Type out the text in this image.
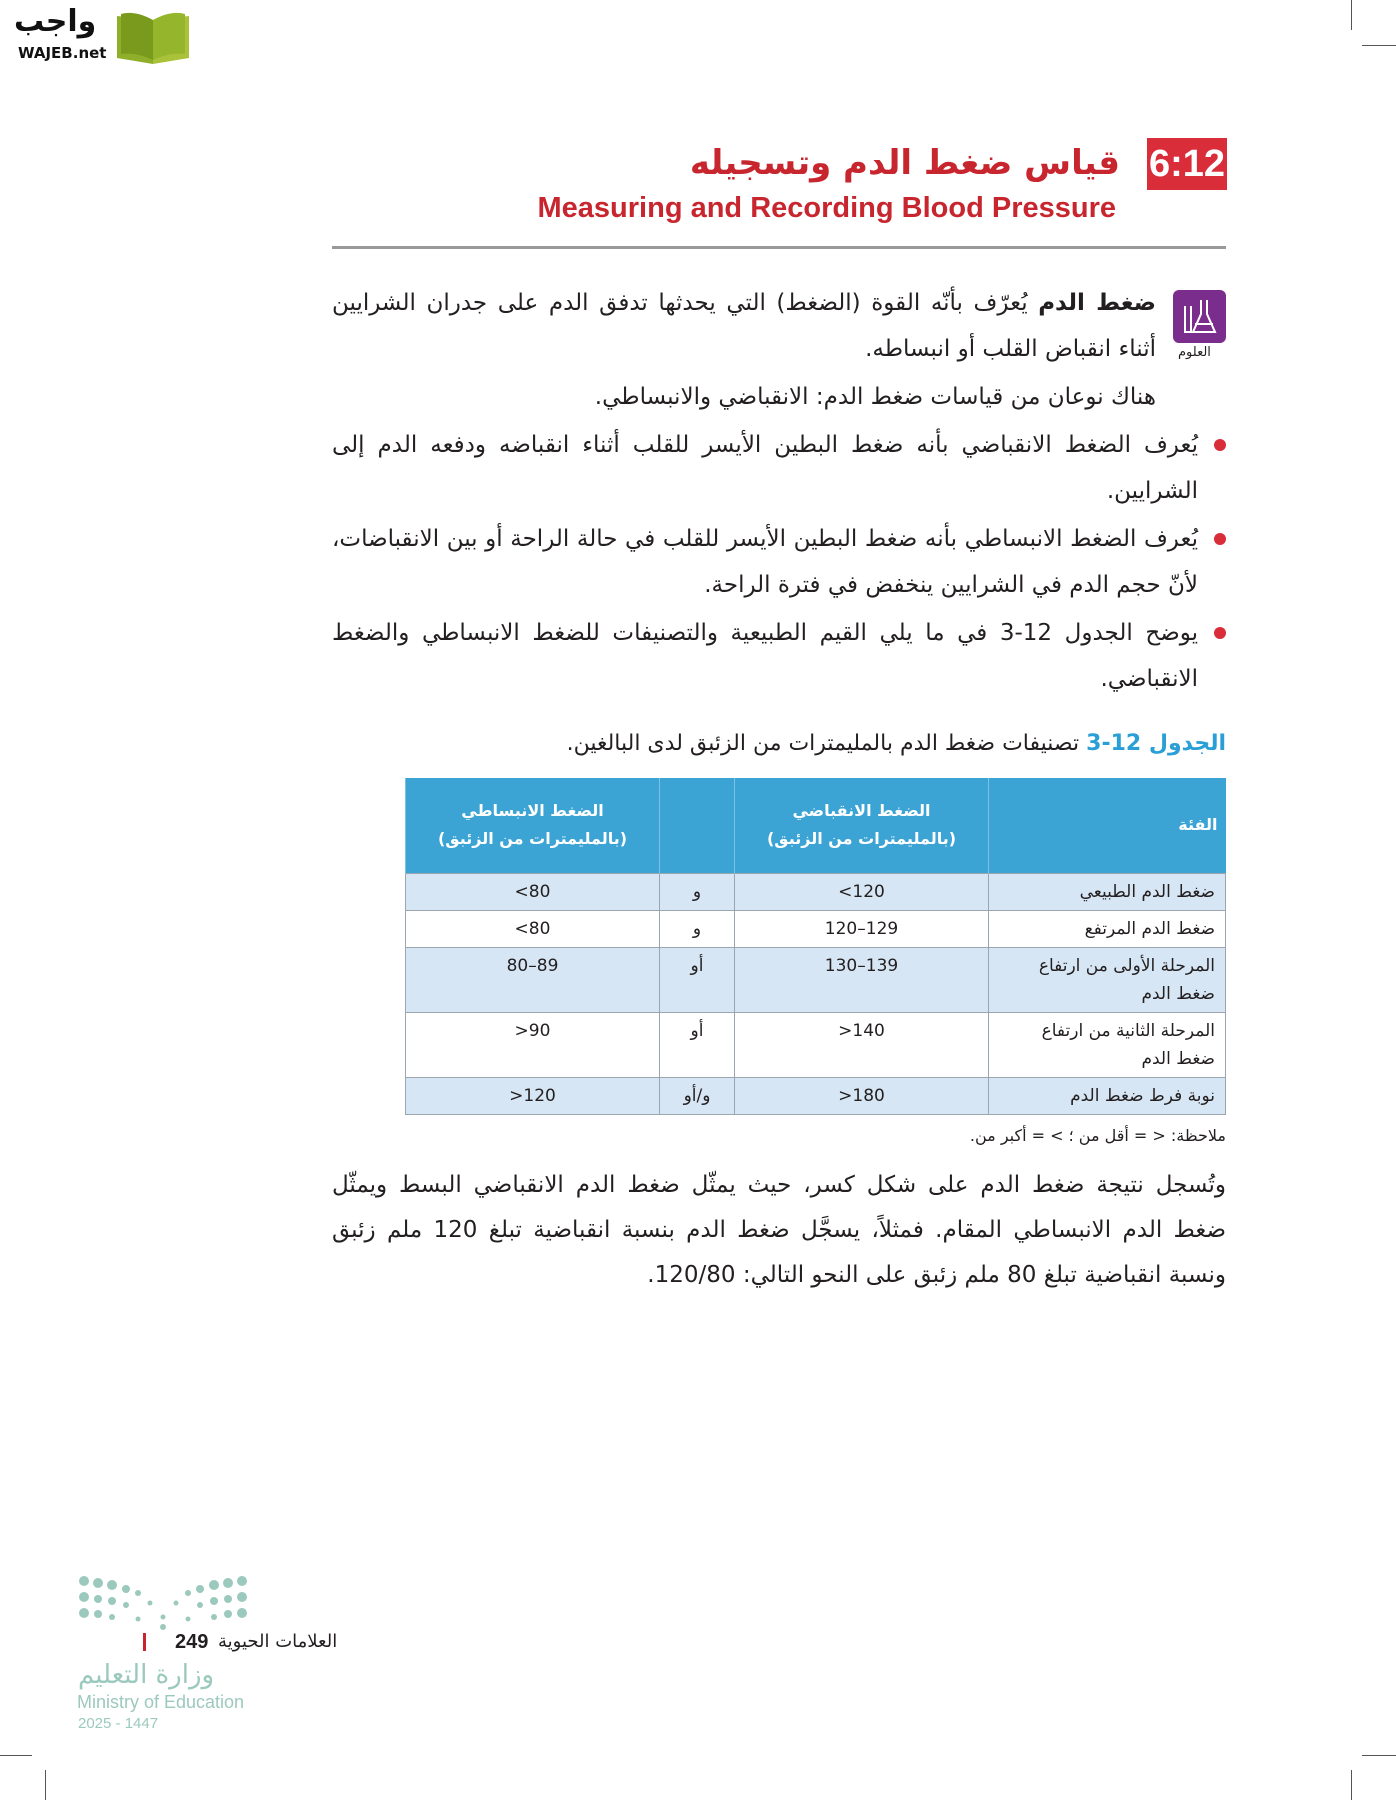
واجب
WAJEB.net
6:12
قياس ضغط الدم وتسجيله
Measuring and Recording Blood Pressure
العلوم

ضغط الدم يُعرّف بأنّه القوة (الضغط) التي يحدثها تدفق الدم على جدران الشرايين أثناء انقباض القلب أو انبساطه.

هناك نوعان من قياسات ضغط الدم: الانقباضي والانبساطي.

يُعرف الضغط الانقباضي بأنه ضغط البطين الأيسر للقلب أثناء انقباضه ودفعه الدم إلى الشرايين.
يُعرف الضغط الانبساطي بأنه ضغط البطين الأيسر للقلب في حالة الراحة أو بين الانقباضات، لأنّ حجم الدم في الشرايين ينخفض في فترة الراحة.
يوضح الجدول 12-3 في ما يلي القيم الطبيعية والتصنيفات للضغط الانبساطي والضغط الانقباضي.
الجدول 12-3 تصنيفات ضغط الدم بالمليمترات من الزئبق لدى البالغين.
الفئة	الضغط الانقباضي (بالمليمترات من الزئبق)		الضغط الانبساطي (بالمليمترات من الزئبق)
ضغط الدم الطبيعي	120>	و	80>
ضغط الدم المرتفع	129–120	و	80>
المرحلة الأولى من ارتفاع ضغط الدم	139–130	أو	89–80
المرحلة الثانية من ارتفاع ضغط الدم	140<	أو	90<
نوبة فرط ضغط الدم	180<	و/أو	120<
ملاحظة: < = أقل من ؛ > = أكبر من.

وتُسجل نتيجة ضغط الدم على شكل كسر، حيث يمثّل ضغط الدم الانقباضي البسط ويمثّل ضغط الدم الانبساطي المقام. فمثلاً، يسجَّل ضغط الدم بنسبة انقباضية تبلغ 120 ملم زئبق ونسبة انقباضية تبلغ 80 ملم زئبق على النحو التالي: 120/80.

وزارة التعليم
Ministry of Education
2025 - 1447
249 العلامات الحيوية
